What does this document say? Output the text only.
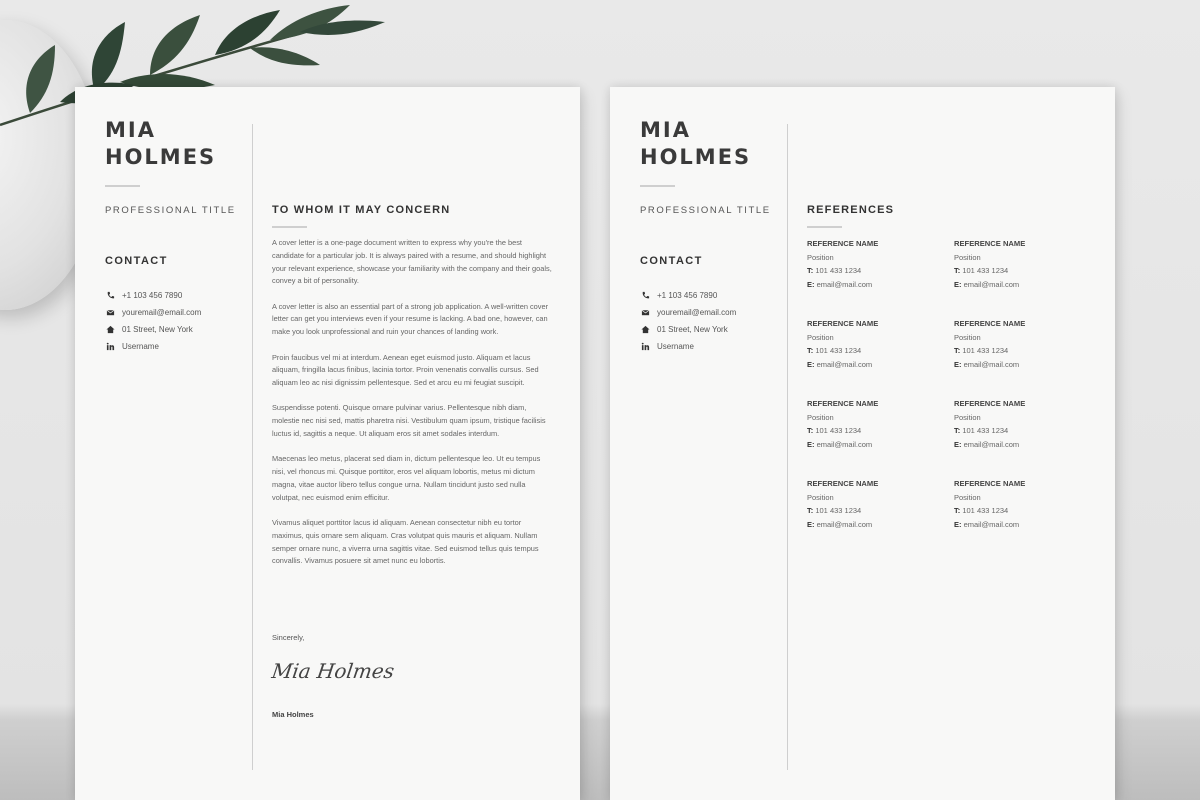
MIA
HOLMES
PROFESSIONAL TITLE
CONTACT
+1 103 456 7890
youremail@email.com
01 Street, New York
Username
TO WHOM IT MAY CONCERN

A cover letter is a one-page document written to express why you're the best candidate for a particular job. It is always paired with a resume, and should highlight your relevant experience, showcase your familiarity with the company and their goals, convey a bit of personality.

A cover letter is also an essential part of a strong job application. A well-written cover letter can get you interviews even if your resume is lacking. A bad one, however, can make you look unprofessional and ruin your chances of landing work.

Proin faucibus vel mi at interdum. Aenean eget euismod justo. Aliquam et lacus aliquam, fringilla lacus finibus, lacinia tortor. Proin venenatis convallis cursus. Sed aliquam leo ac nisi dignissim pellentesque. Sed et arcu eu mi feugiat suscipit.

Suspendisse potenti. Quisque ornare pulvinar varius. Pellentesque nibh diam, molestie nec nisi sed, mattis pharetra nisi. Vestibulum quam ipsum, tristique facilisis luctus id, sagittis a neque. Ut aliquam eros sit amet sodales interdum.

Maecenas leo metus, placerat sed diam in, dictum pellentesque leo. Ut eu tempus nisi, vel rhoncus mi. Quisque porttitor, eros vel aliquam lobortis, metus mi dictum magna, vitae auctor libero tellus congue urna. Nullam tincidunt justo sed nulla volutpat, nec euismod enim efficitur.

Vivamus aliquet porttitor lacus id aliquam. Aenean consectetur nibh eu tortor maximus, quis ornare sem aliquam. Cras volutpat quis mauris et aliquam. Nullam semper ornare nunc, a viverra urna sagittis vitae. Sed euismod tellus quis tempus convallis. Vivamus posuere sit amet nunc eu lobortis.

Sincerely,
Mia Holmes
Mia Holmes
MIA
HOLMES
PROFESSIONAL TITLE
CONTACT
+1 103 456 7890
youremail@email.com
01 Street, New York
Username
REFERENCES
REFERENCE NAME
Position
T: 101 433 1234
E: email@mail.com
REFERENCE NAME
Position
T: 101 433 1234
E: email@mail.com
REFERENCE NAME
Position
T: 101 433 1234
E: email@mail.com
REFERENCE NAME
Position
T: 101 433 1234
E: email@mail.com
REFERENCE NAME
Position
T: 101 433 1234
E: email@mail.com
REFERENCE NAME
Position
T: 101 433 1234
E: email@mail.com
REFERENCE NAME
Position
T: 101 433 1234
E: email@mail.com
REFERENCE NAME
Position
T: 101 433 1234
E: email@mail.com
